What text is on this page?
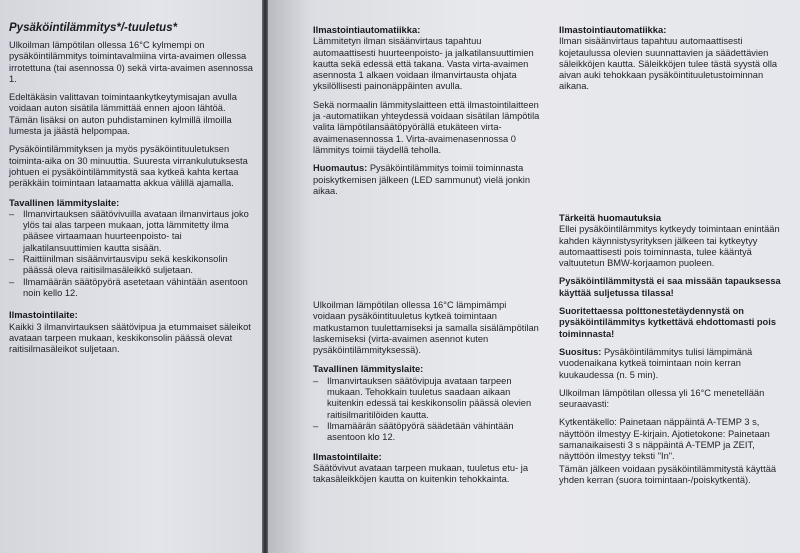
Pysäköintilämmitys*/-tuuletus*

Ulkoilman lämpötilan ollessa 16°C kylmempi on pysäköintilämmitys toimintavalmiina virta-avaimen ollessa irrotettuna (tai asennossa 0) sekä virta-avaimen asennossa 1.

Edeltäkäsin valittavan toimintaankytkeytymisajan avulla voidaan auton sisätila lämmittää ennen ajoon lähtöä. Tämän lisäksi on auton puhdistaminen kylmillä ilmoilla lumesta ja jäästä helpompaa.

Pysäköintilämmityksen ja myös pysäköintituuletuksen toiminta-aika on 30 minuuttia. Suuresta virrankulutuksesta johtuen ei pysäköintilämmitystä saa kytkeä kahta kertaa peräkkäin toimintaan lataamatta akkua välillä ajamalla.

Tavallinen lämmityslaite:
– Ilmanvirtauksen säätövivuilla avataan ilmanvirtaus joko ylös tai alas tarpeen mukaan, jotta lämmitetty ilma pääsee virtaamaan huurteenpoisto- tai jalkatilansuuttimien kautta sisään.
– Raittiinilman sisäänvirtausvipu sekä keskikonsolin päässä oleva raitisilmasäleikkö suljetaan.
– Ilmamäärän säätöpyörä asetetaan vähintään asentoon noin kello 12.
Ilmastointilaite:

Kaikki 3 ilmanvirtauksen säätövipua ja etummaiset säleikot avataan tarpeen mukaan, keskikonsolin päässä olevat raitisilmasäleikot suljetaan.

Ilmastointiautomatiikka:

Lämmitetyn ilman sisäänvirtaus tapahtuu automaattisesti huurteenpoisto- ja jalkatilansuuttimien kautta sekä edessä että takana. Vasta virta-avaimen asennosta 1 alkaen voidaan ilmanvirtausta ohjata yksilöllisesti painonäppäinten avulla.

Sekä normaalin lämmityslaitteen että ilmastointilaitteen ja -automatiikan yhteydessä voidaan sisätilan lämpötila valita lämpötilansäätöpyörällä etukäteen virta-avaimenasennossa 1. Virta-avaimenasennossa 0 lämmitys toimii täydellä teholla.

Huomautus: Pysäköintilämmitys toimii toiminnasta poiskytkemisen jälkeen (LED sammunut) vielä jonkin aikaa.

Ulkoilman lämpötilan ollessa 16°C lämpimämpi voidaan pysäköintituuletus kytkeä toimintaan matkustamon tuulettamiseksi ja samalla sisälämpötilan laskemiseksi (virta-avaimen asennot kuten pysäköintilämmityksessä).

Tavallinen lämmityslaite:
– Ilmanvirtauksen säätövipuja avataan tarpeen mukaan. Tehokkain tuuletus saadaan aikaan kuitenkin edessä tai keskikonsolin päässä olevien raitisilmaritilöiden kautta.
– Ilmamäärän säätöpyörä säädetään vähintään asentoon klo 12.
Ilmastointilaite:

Säätövivut avataan tarpeen mukaan, tuuletus etu- ja takasäleikköjen kautta on kuitenkin tehokkainta.

Ilmastointiautomatiikka:

Ilman sisäänvirtaus tapahtuu automaattisesti kojetaulussa olevien suunnattavien ja säädettävien säleikköjen kautta. Säleikköjen tulee tästä syystä olla aivan auki tehokkaan pysäköintituuletustoiminnan aikana.

Tärkeitä huomautuksia

Ellei pysäköintilämmitys kytkeydy toimintaan enintään kahden käynnistysyrityksen jälkeen tai kytkeytyy automaattisesti pois toiminnasta, tulee kääntyä valtuutetun BMW-korjaamon puoleen.

Pysäköintilämmitystä ei saa missään tapauksessa käyttää suljetussa tilassa!

Suoritettaessa polttonestetäydennystä on pysäköintilämmitys kytkettävä ehdottomasti pois toiminnasta!

Suositus: Pysäköintilämmitys tulisi lämpimänä vuodenaikana kytkeä toimintaan noin kerran kuukaudessa (n. 5 min).

Ulkoilman lämpötilan ollessa yli 16°C menetellään seuraavasti:

Kytkentäkello: Painetaan näppäintä A-TEMP 3 s, näyttöön ilmestyy E-kirjain. Ajotietokone: Painetaan samanaikaisesti 3 s näppäintä A-TEMP ja ZEIT, näyttöön ilmestyy teksti "In".

Tämän jälkeen voidaan pysäköintilämmitystä käyttää yhden kerran (suora toimintaan-/poiskytkentä).
